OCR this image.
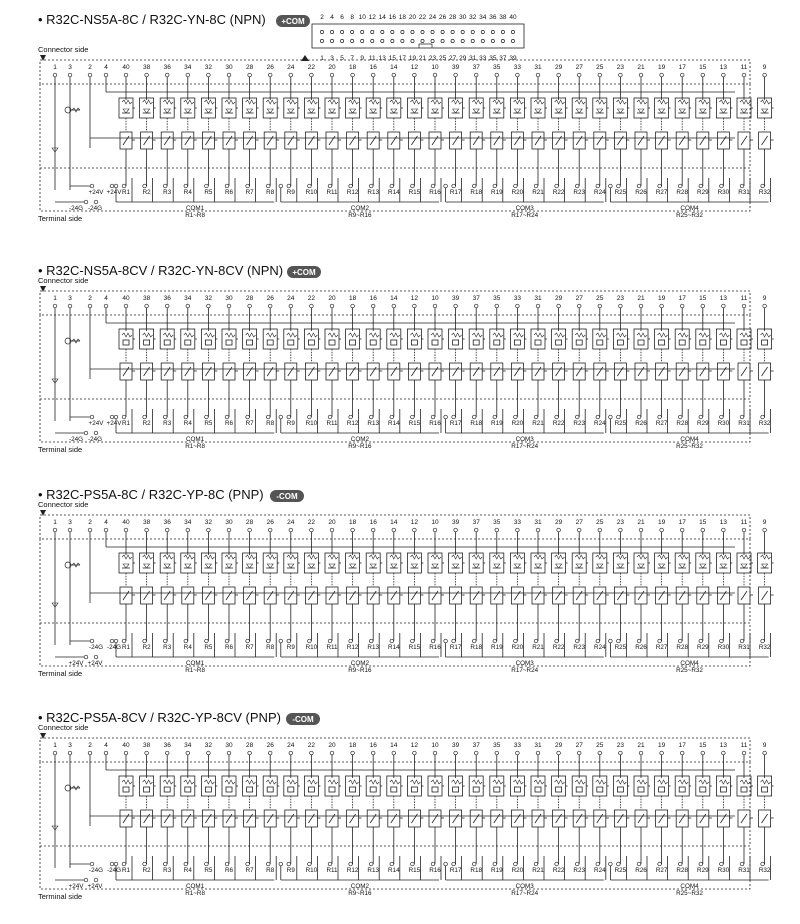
2 4 6 8 10 12 14 16 18 20 22 24 26 28 30 32 34 36 38 40
1 3 5 7 9 11 13 15 17 19 21 23 25 27 29 31 33 35 37 39
• R32C-NS5A-8C / R32C-YN-8C (NPN) +COM
Connector side
1 3	2 4 40 38 36 34 32 30 28 26 24 22 20 18 16 14 12 10 39 37 35 33 31 29 27 25 23 21 19 17 15 13 11 9
R1 R2 R3 R4 R5 R6 R7 R8 R9 R10 R11 R12 R13 R14 R15 R16 R17 R18 R19 R20 R21 R22 R23 R24 R25 R26 R27 R28 R29 R30 R31 R32
+24V +24V
-24G -24G	COM1
R1~R8
COM2
R9~R16
COM3
R17~R24
COM4
R25~R32
Terminal side
• R32C-NS5A-8CV / R32C-YN-8CV (NPN) +COM
Connector side
1 3	2 4 40 38 36 34 32 30 28 26 24 22 20 18 16 14 12 10 39 37 35 33 31 29 27 25 23 21 19 17 15 13 11 9
R1 R2 R3 R4 R5 R6 R7 R8 R9 R10 R11 R12 R13 R14 R15 R16 R17 R18 R19 R20 R21 R22 R23 R24 R25 R26 R27 R28 R29 R30 R31 R32
+24V +24V
-24G -24G	COM1
R1~R8
COM2
R9~R16
COM3
R17~R24
COM4
R25~R32
Terminal side
• R32C-PS5A-8C / R32C-YP-8C (PNP) -COM
Connector side
1 3	2 4 40 38 36 34 32 30 28 26 24 22 20 18 16 14 12 10 39 37 35 33 31 29 27 25 23 21 19 17 15 13 11 9
R1 R2 R3 R4 R5 R6 R7 R8 R9 R10 R11 R12 R13 R14 R15 R16 R17 R18 R19 R20 R21 R22 R23 R24 R25 R26 R27 R28 R29 R30 R31 R32
-24G -24G
+24V +24V	COM1
R1~R8
COM2
R9~R16
COM3
R17~R24
COM4
R25~R32
Terminal side
• R32C-PS5A-8CV / R32C-YP-8CV (PNP) -COM
Connector side
1 3	2 4 40 38 36 34 32 30 28 26 24 22 20 18 16 14 12 10 39 37 35 33 31 29 27 25 23 21 19 17 15 13 11 9
R1 R2 R3 R4 R5 R6 R7 R8 R9 R10 R11 R12 R13 R14 R15 R16 R17 R18 R19 R20 R21 R22 R23 R24 R25 R26 R27 R28 R29 R30 R31 R32
-24G -24G
+24V +24V	COM1
R1~R8
COM2
R9~R16
COM3
R17~R24
COM4
R25~R32
Terminal side
